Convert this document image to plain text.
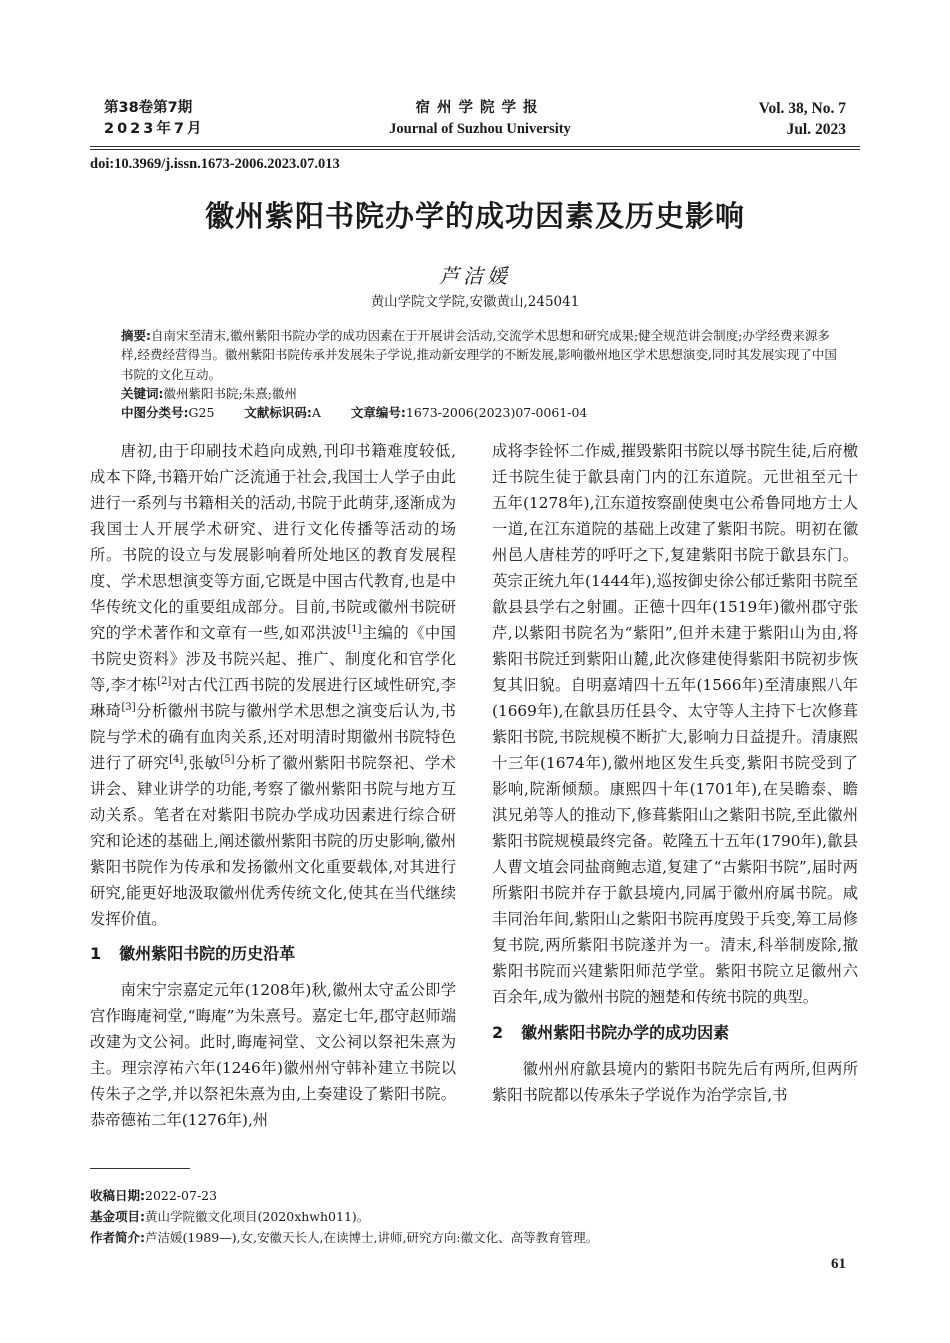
第38卷第7期
2023年7月
宿州学院学报
Journal of Suzhou University
Vol. 38, No. 7
Jul. 2023
doi:10.3969/j.issn.1673-2006.2023.07.013
徽州紫阳书院办学的成功因素及历史影响
芦洁媛
黄山学院文学院,安徽黄山,245041

摘要:自南宋至清末,徽州紫阳书院办学的成功因素在于开展讲会活动,交流学术思想和研究成果;健全规范讲会制度;办学经费来源多样,经费经营得当。徽州紫阳书院传承并发展朱子学说,推动新安理学的不断发展,影响徽州地区学术思想演变,同时其发展实现了中国书院的文化互动。

关键词:徽州紫阳书院;朱熹;徽州

中图分类号:G25 文献标识码:A 文章编号:1673-2006(2023)07-0061-04

唐初,由于印刷技术趋向成熟,刊印书籍难度较低,成本下降,书籍开始广泛流通于社会,我国士人学子由此进行一系列与书籍相关的活动,书院于此萌芽,逐渐成为我国士人开展学术研究、进行文化传播等活动的场所。书院的设立与发展影响着所处地区的教育发展程度、学术思想演变等方面,它既是中国古代教育,也是中华传统文化的重要组成部分。目前,书院或徽州书院研究的学术著作和文章有一些,如邓洪波[1]主编的《中国书院史资料》涉及书院兴起、推广、制度化和官学化等,李才栋[2]对古代江西书院的发展进行区域性研究,李琳琦[3]分析徽州书院与徽州学术思想之演变后认为,书院与学术的确有血肉关系,还对明清时期徽州书院特色进行了研究[4],张敏[5]分析了徽州紫阳书院祭祀、学术讲会、肄业讲学的功能,考察了徽州紫阳书院与地方互动关系。笔者在对紫阳书院办学成功因素进行综合研究和论述的基础上,阐述徽州紫阳书院的历史影响,徽州紫阳书院作为传承和发扬徽州文化重要载体,对其进行研究,能更好地汲取徽州优秀传统文化,使其在当代继续发挥价值。

1 徽州紫阳书院的历史沿革

南宋宁宗嘉定元年(1208年)秋,徽州太守孟公即学宫作晦庵祠堂,“晦庵”为朱熹号。嘉定七年,郡守赵师端改建为文公祠。此时,晦庵祠堂、文公祠以祭祀朱熹为主。理宗淳祐六年(1246年)徽州州守韩补建立书院以传朱子之学,并以祭祀朱熹为由,上奏建设了紫阳书院。恭帝德祐二年(1276年),州

成将李铨怀二作威,摧毁紫阳书院以辱书院生徒,后府檄迁书院生徒于歙县南门内的江东道院。元世祖至元十五年(1278年),江东道按察副使奥屯公希鲁同地方士人一道,在江东道院的基础上改建了紫阳书院。明初在徽州邑人唐桂芳的呼吁之下,复建紫阳书院于歙县东门。英宗正统九年(1444年),巡按御史徐公郁迁紫阳书院至歙县县学右之射圃。正德十四年(1519年)徽州郡守张芹,以紫阳书院名为“紫阳”,但并未建于紫阳山为由,将紫阳书院迁到紫阳山麓,此次修建使得紫阳书院初步恢复其旧貌。自明嘉靖四十五年(1566年)至清康熙八年(1669年),在歙县历任县令、太守等人主持下七次修葺紫阳书院,书院规模不断扩大,影响力日益提升。清康熙十三年(1674年),徽州地区发生兵变,紫阳书院受到了影响,院渐倾颓。康熙四十年(1701年),在吴瞻泰、瞻淇兄弟等人的推动下,修葺紫阳山之紫阳书院,至此徽州紫阳书院规模最终完备。乾隆五十五年(1790年),歙县人曹文埴会同盐商鲍志道,复建了“古紫阳书院”,届时两所紫阳书院并存于歙县境内,同属于徽州府属书院。咸丰同治年间,紫阳山之紫阳书院再度毁于兵变,筹工局修复书院,两所紫阳书院遂并为一。清末,科举制废除,撤紫阳书院而兴建紫阳师范学堂。紫阳书院立足徽州六百余年,成为徽州书院的翘楚和传统书院的典型。

2 徽州紫阳书院办学的成功因素

徽州州府歙县境内的紫阳书院先后有两所,但两所紫阳书院都以传承朱子学说作为治学宗旨,书

收稿日期:2022-07-23

基金项目:黄山学院徽文化项目(2020xhwh011)。

作者简介:芦洁媛(1989—),女,安徽天长人,在读博士,讲师,研究方向:徽文化、高等教育管理。

61
